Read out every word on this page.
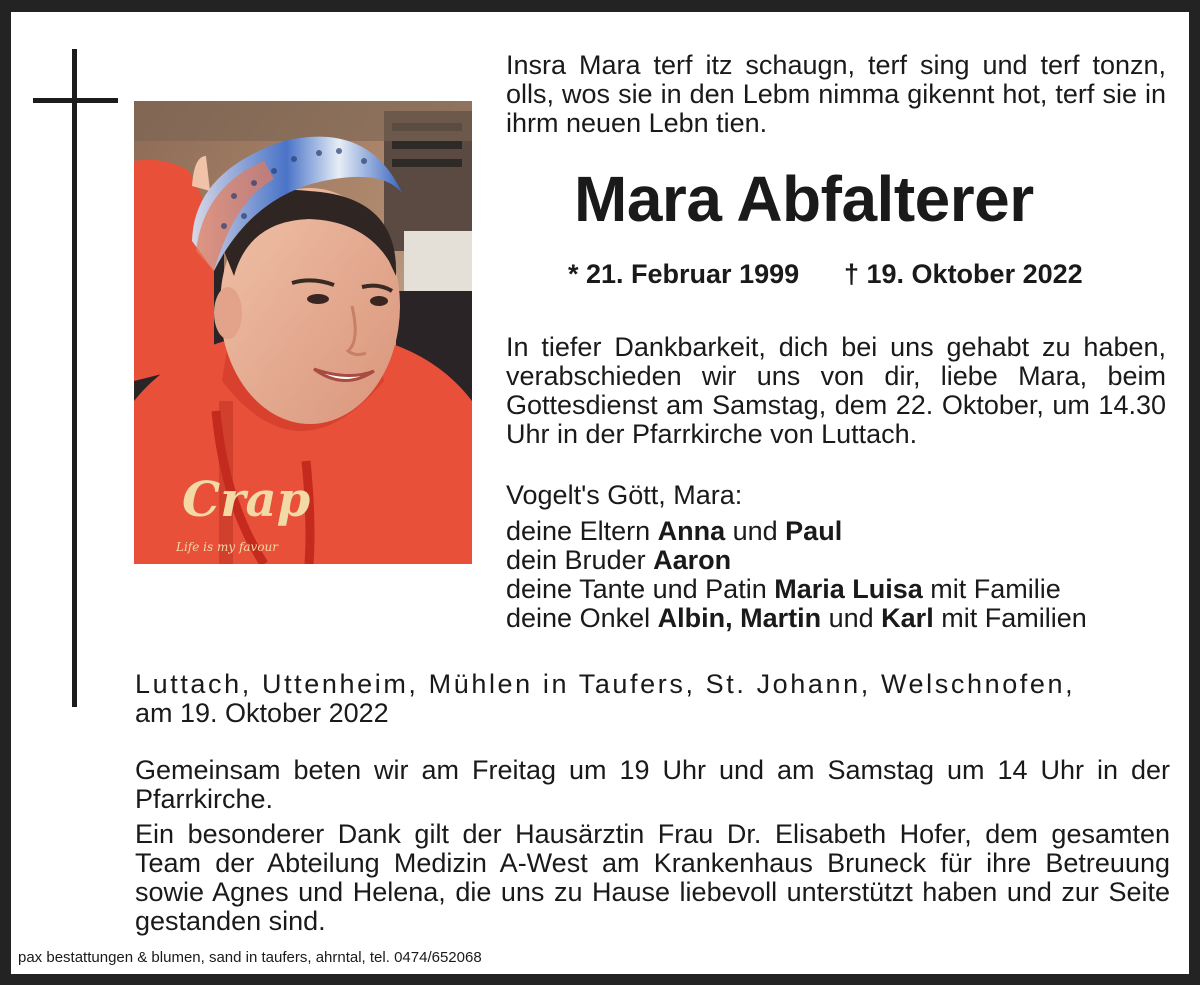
Crap
Life is my favour

Insra Mara terf itz schaugn, terf sing und terf tonzn, olls, wos sie in den Lebm nimma gikennt hot, terf sie in ihrm neuen Lebn tien.

Mara Abfalterer
* 21. Februar 1999 † 19. Oktober 2022

In tiefer Dankbarkeit, dich bei uns gehabt zu haben, verabschieden wir uns von dir, liebe Mara, beim Gottesdienst am Samstag, dem 22. Oktober, um 14.30 Uhr in der Pfarrkirche von Luttach.

Vogelt's Gött, Mara:

deine Eltern Anna und Paul
dein Bruder Aaron
deine Tante und Patin Maria Luisa mit Familie
deine Onkel Albin, Martin und Karl mit Familien

Luttach, Uttenheim, Mühlen in Taufers, St. Johann, Welschnofen,

am 19. Oktober 2022

Gemeinsam beten wir am Freitag um 19 Uhr und am Samstag um 14 Uhr in der Pfarrkirche.

Ein besonderer Dank gilt der Hausärztin Frau Dr. Elisabeth Hofer, dem gesamten Team der Abteilung Medizin A-West am Krankenhaus Bruneck für ihre Betreuung sowie Agnes und Helena, die uns zu Hause liebevoll unterstützt haben und zur Seite gestanden sind.

pax bestattungen & blumen, sand in taufers, ahrntal, tel. 0474/652068
